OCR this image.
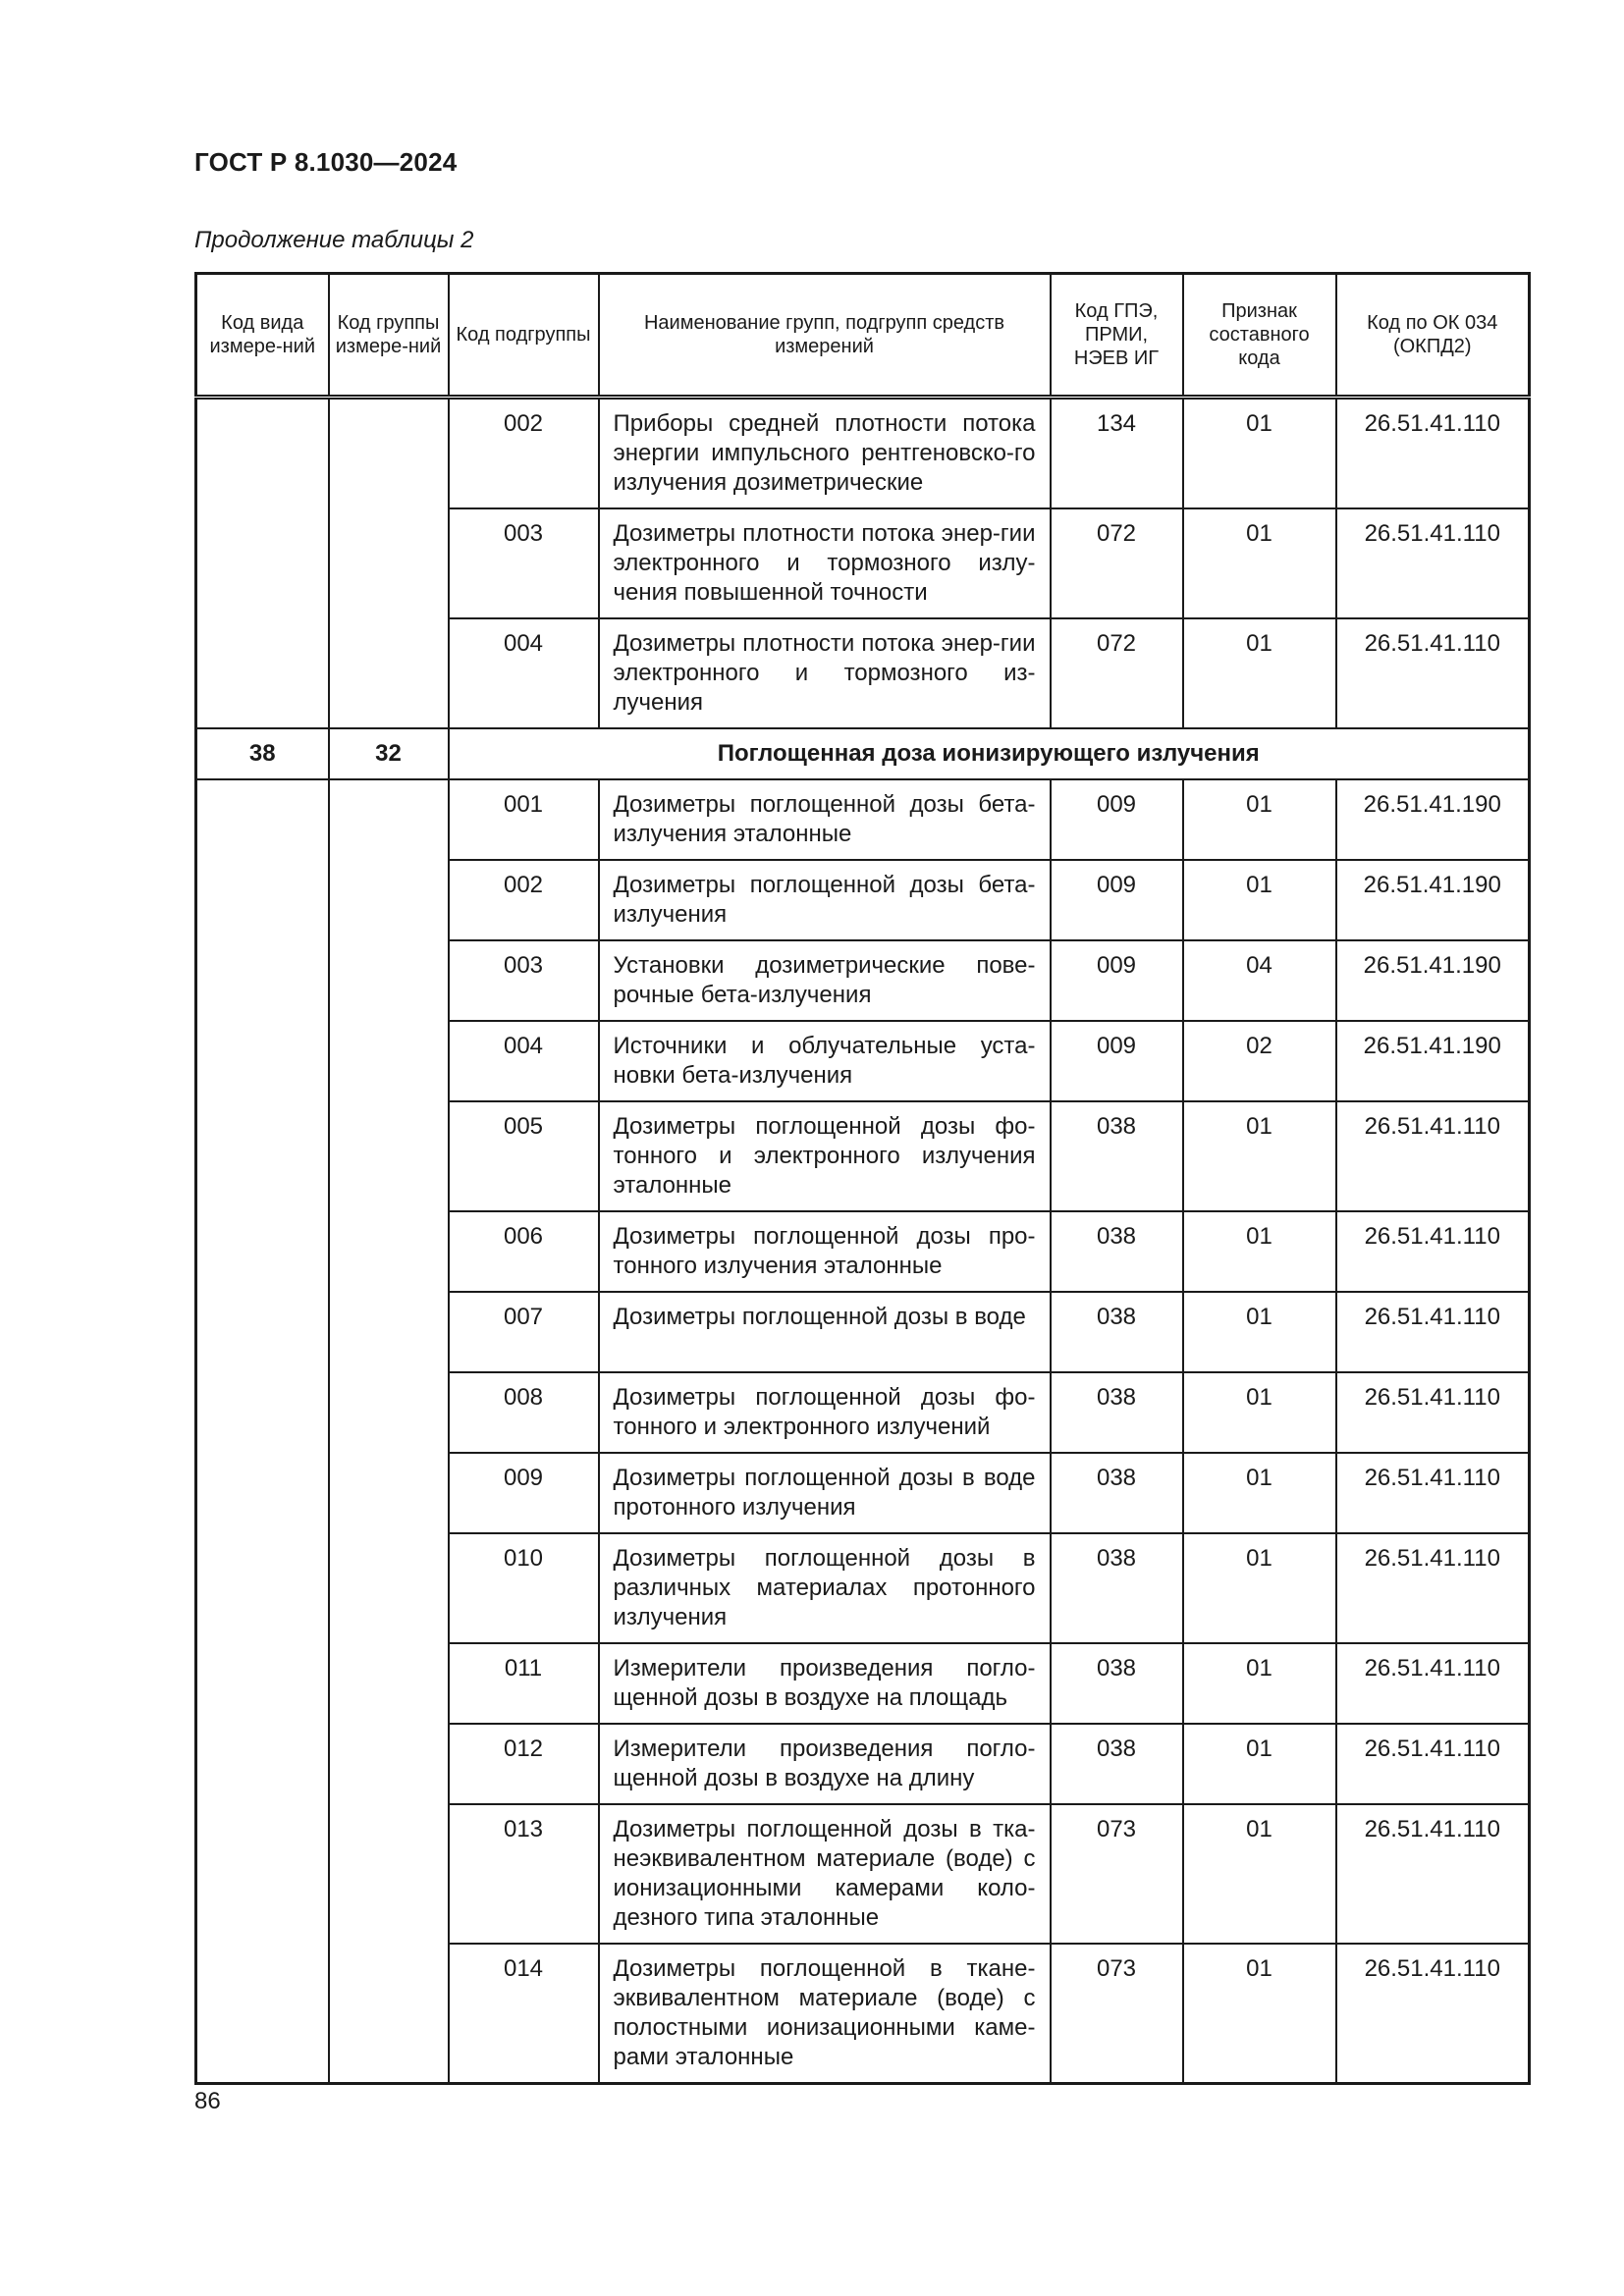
ГОСТ Р 8.1030—2024
Продолжение таблицы 2
Код вида измере-ний	Код группы измере-ний	Код подгруппы	Наименование групп, подгрупп средств измерений	Код ГПЭ, ПРМИ, НЭЕВ ИГ	Признак составного кода	Код по ОК 034 (ОКПД2)
		002	Приборы средней плотности потока энергии импульсного рентгеновско-го излучения дозиметрические	134	01	26.51.41.110
		003	Дозиметры плотности потока энер-гии электронного и тормозного излу-чения повышенной точности	072	01	26.51.41.110
		004	Дозиметры плотности потока энер-гии электронного и тормозного из-лучения	072	01	26.51.41.110
38	32	Поглощенная доза ионизирующего излучения				
		001	Дозиметры поглощенной дозы бета-излучения эталонные	009	01	26.51.41.190
		002	Дозиметры поглощенной дозы бета-излучения	009	01	26.51.41.190
		003	Установки дозиметрические пове-рочные бета-излучения	009	04	26.51.41.190
		004	Источники и облучательные уста-новки бета-излучения	009	02	26.51.41.190
		005	Дозиметры поглощенной дозы фо-тонного и электронного излучения эталонные	038	01	26.51.41.110
		006	Дозиметры поглощенной дозы про-тонного излучения эталонные	038	01	26.51.41.110
		007	Дозиметры поглощенной дозы в воде	038	01	26.51.41.110
		008	Дозиметры поглощенной дозы фо-тонного и электронного излучений	038	01	26.51.41.110
		009	Дозиметры поглощенной дозы в воде протонного излучения	038	01	26.51.41.110
		010	Дозиметры поглощенной дозы в различных материалах протонного излучения	038	01	26.51.41.110
		011	Измерители произведения погло-щенной дозы в воздухе на площадь	038	01	26.51.41.110
		012	Измерители произведения погло-щенной дозы в воздухе на длину	038	01	26.51.41.110
		013	Дозиметры поглощенной дозы в тка-неэквивалентном материале (воде) с ионизационными камерами коло-дезного типа эталонные	073	01	26.51.41.110
		014	Дозиметры поглощенной в ткане-эквивалентном материале (воде) с полостными ионизационными каме-рами эталонные	073	01	26.51.41.110
86
